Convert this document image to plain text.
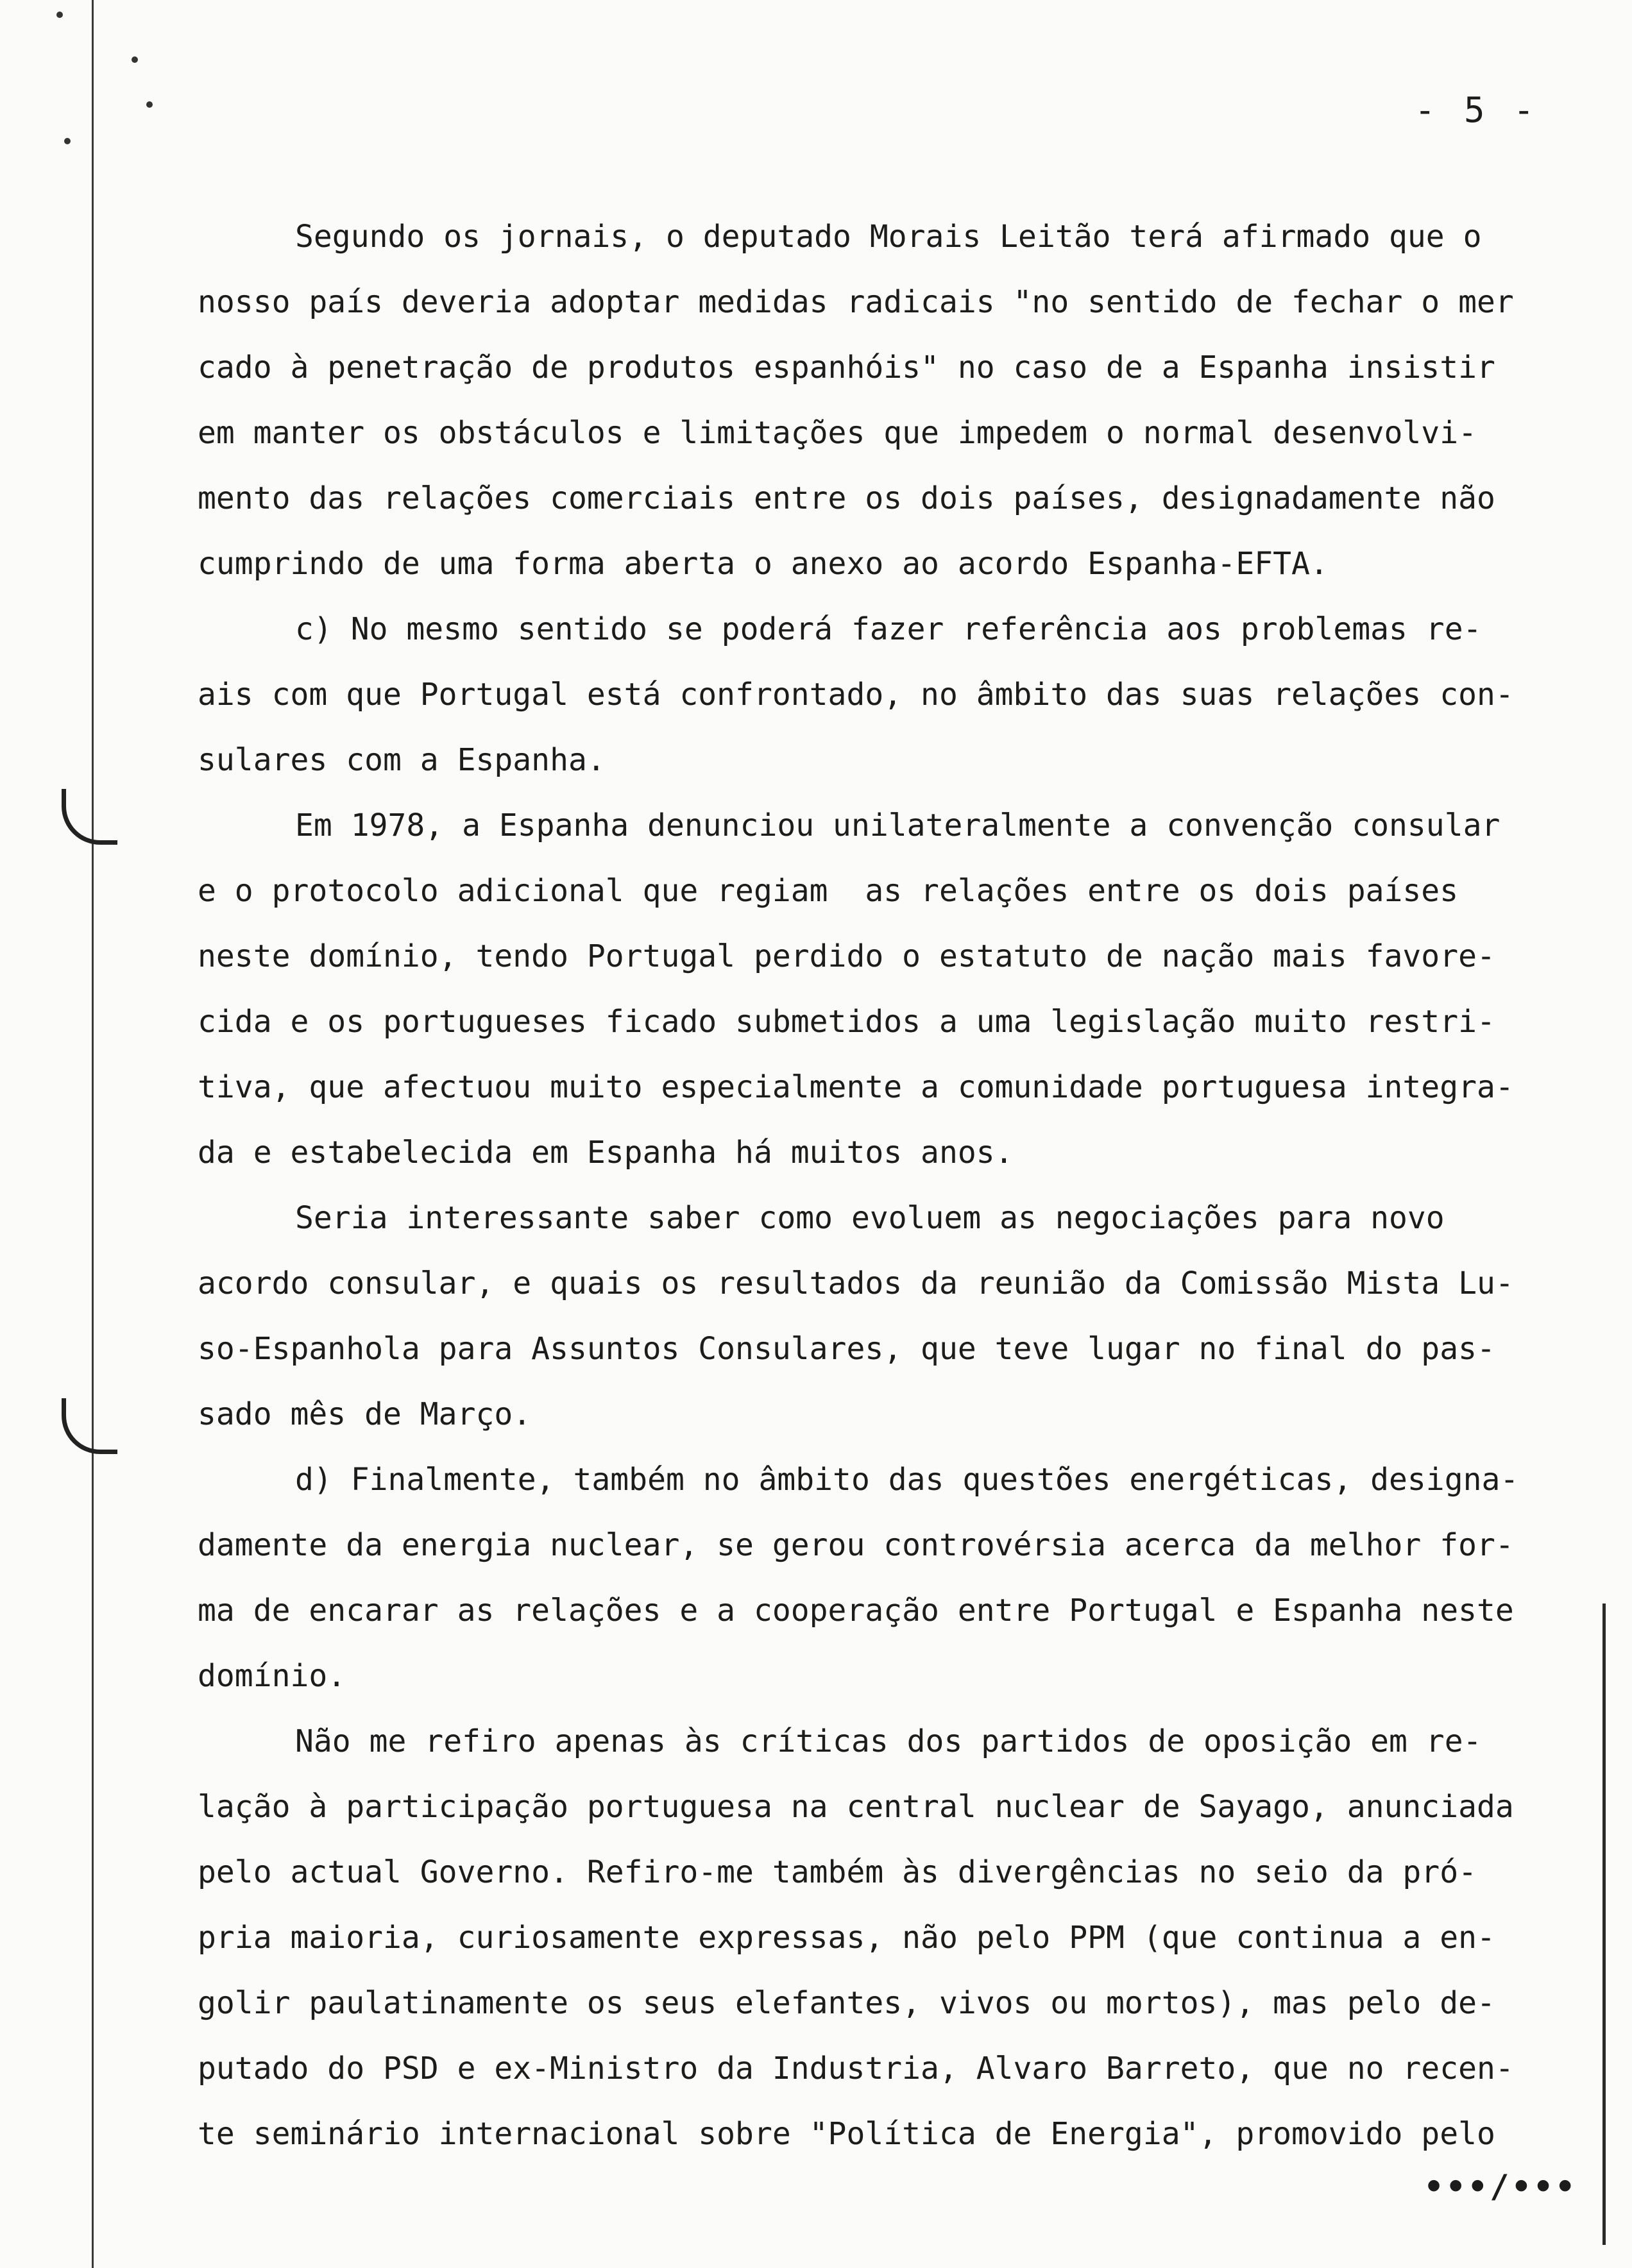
- 5 -
Segundo os jornais, o deputado Morais Leitão terá afirmado que o
nosso país deveria adoptar medidas radicais "no sentido de fechar o mer
cado à penetração de produtos espanhóis" no caso de a Espanha insistir
em manter os obstáculos e limitações que impedem o normal desenvolvi-
mento das relações comerciais entre os dois países, designadamente não
cumprindo de uma forma aberta o anexo ao acordo Espanha-EFTA.
c) No mesmo sentido se poderá fazer referência aos problemas re-
ais com que Portugal está confrontado, no âmbito das suas relações con-
sulares com a Espanha.
Em 1978, a Espanha denunciou unilateralmente a convenção consular
e o protocolo adicional que regiam  as relações entre os dois países
neste domínio, tendo Portugal perdido o estatuto de nação mais favore-
cida e os portugueses ficado submetidos a uma legislação muito restri-
tiva, que afectuou muito especialmente a comunidade portuguesa integra-
da e estabelecida em Espanha há muitos anos.
Seria interessante saber como evoluem as negociações para novo
acordo consular, e quais os resultados da reunião da Comissão Mista Lu-
so-Espanhola para Assuntos Consulares, que teve lugar no final do pas-
sado mês de Março.
d) Finalmente, também no âmbito das questões energéticas, designa-
damente da energia nuclear, se gerou controvérsia acerca da melhor for-
ma de encarar as relações e a cooperação entre Portugal e Espanha neste
domínio.
Não me refiro apenas às críticas dos partidos de oposição em re-
lação à participação portuguesa na central nuclear de Sayago, anunciada
pelo actual Governo. Refiro-me também às divergências no seio da pró-
pria maioria, curiosamente expressas, não pelo PPM (que continua a en-
golir paulatinamente os seus elefantes, vivos ou mortos), mas pelo de-
putado do PSD e ex-Ministro da Industria, Alvaro Barreto, que no recen-
te seminário internacional sobre "Política de Energia", promovido pelo
•••/•••
